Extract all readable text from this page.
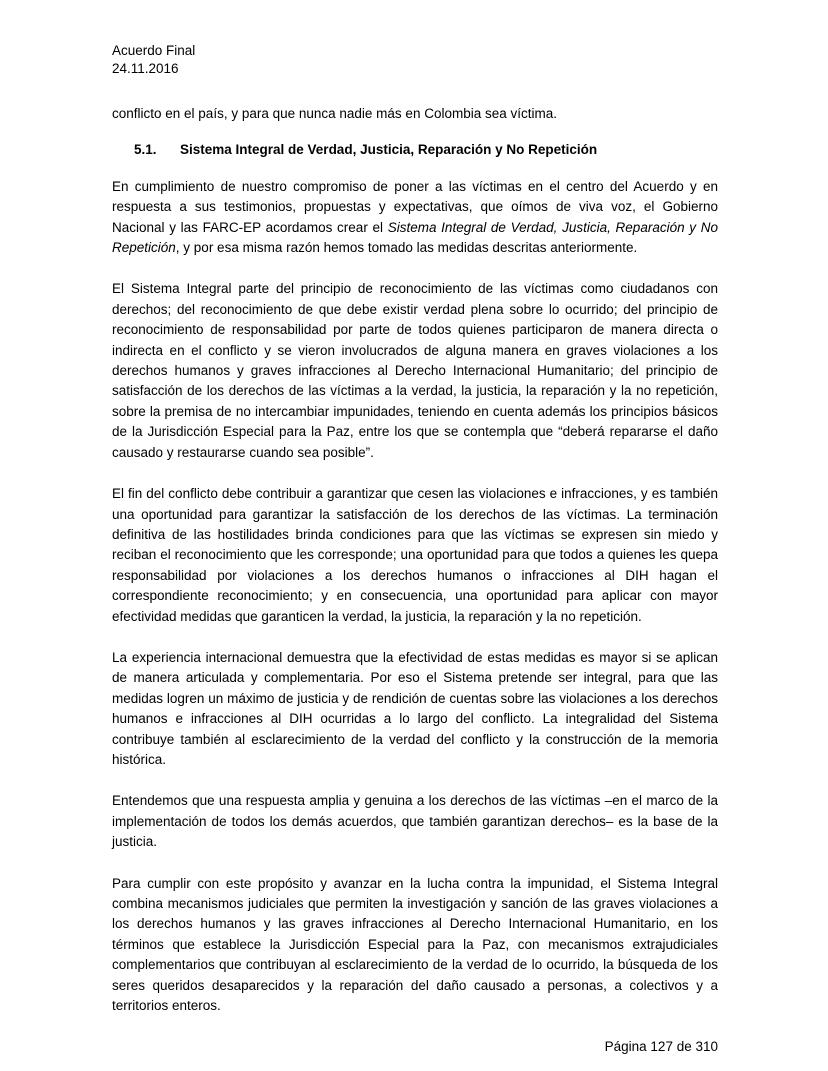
Acuerdo Final
24.11.2016

conflicto en el país, y para que nunca nadie más en Colombia sea víctima.

5.1.	Sistema Integral de Verdad, Justicia, Reparación y No Repetición

En cumplimiento de nuestro compromiso de poner a las víctimas en el centro del Acuerdo y en respuesta a sus testimonios, propuestas y expectativas, que oímos de viva voz, el Gobierno Nacional y las FARC-EP acordamos crear el Sistema Integral de Verdad, Justicia, Reparación y No Repetición, y por esa misma razón hemos tomado las medidas descritas anteriormente.

El Sistema Integral parte del principio de reconocimiento de las víctimas como ciudadanos con derechos; del reconocimiento de que debe existir verdad plena sobre lo ocurrido; del principio de reconocimiento de responsabilidad por parte de todos quienes participaron de manera directa o indirecta en el conflicto y se vieron involucrados de alguna manera en graves violaciones a los derechos humanos y graves infracciones al Derecho Internacional Humanitario; del principio de satisfacción de los derechos de las víctimas a la verdad, la justicia, la reparación y la no repetición, sobre la premisa de no intercambiar impunidades, teniendo en cuenta además los principios básicos de la Jurisdicción Especial para la Paz, entre los que se contempla que “deberá repararse el daño causado y restaurarse cuando sea posible”.

El fin del conflicto debe contribuir a garantizar que cesen las violaciones e infracciones, y es también una oportunidad para garantizar la satisfacción de los derechos de las víctimas. La terminación definitiva de las hostilidades brinda condiciones para que las víctimas se expresen sin miedo y reciban el reconocimiento que les corresponde; una oportunidad para que todos a quienes les quepa responsabilidad por violaciones a los derechos humanos o infracciones al DIH hagan el correspondiente reconocimiento; y en consecuencia, una oportunidad para aplicar con mayor efectividad medidas que garanticen la verdad, la justicia, la reparación y la no repetición.

La experiencia internacional demuestra que la efectividad de estas medidas es mayor si se aplican de manera articulada y complementaria. Por eso el Sistema pretende ser integral, para que las medidas logren un máximo de justicia y de rendición de cuentas sobre las violaciones a los derechos humanos e infracciones al DIH ocurridas a lo largo del conflicto. La integralidad del Sistema contribuye también al esclarecimiento de la verdad del conflicto y la construcción de la memoria histórica.

Entendemos que una respuesta amplia y genuina a los derechos de las víctimas –en el marco de la implementación de todos los demás acuerdos, que también garantizan derechos– es la base de la justicia.

Para cumplir con este propósito y avanzar en la lucha contra la impunidad, el Sistema Integral combina mecanismos judiciales que permiten la investigación y sanción de las graves violaciones a los derechos humanos y las graves infracciones al Derecho Internacional Humanitario, en los términos que establece la Jurisdicción Especial para la Paz, con mecanismos extrajudiciales complementarios que contribuyan al esclarecimiento de la verdad de lo ocurrido, la búsqueda de los seres queridos desaparecidos y la reparación del daño causado a personas, a colectivos y a territorios enteros.

Página 127 de 310
